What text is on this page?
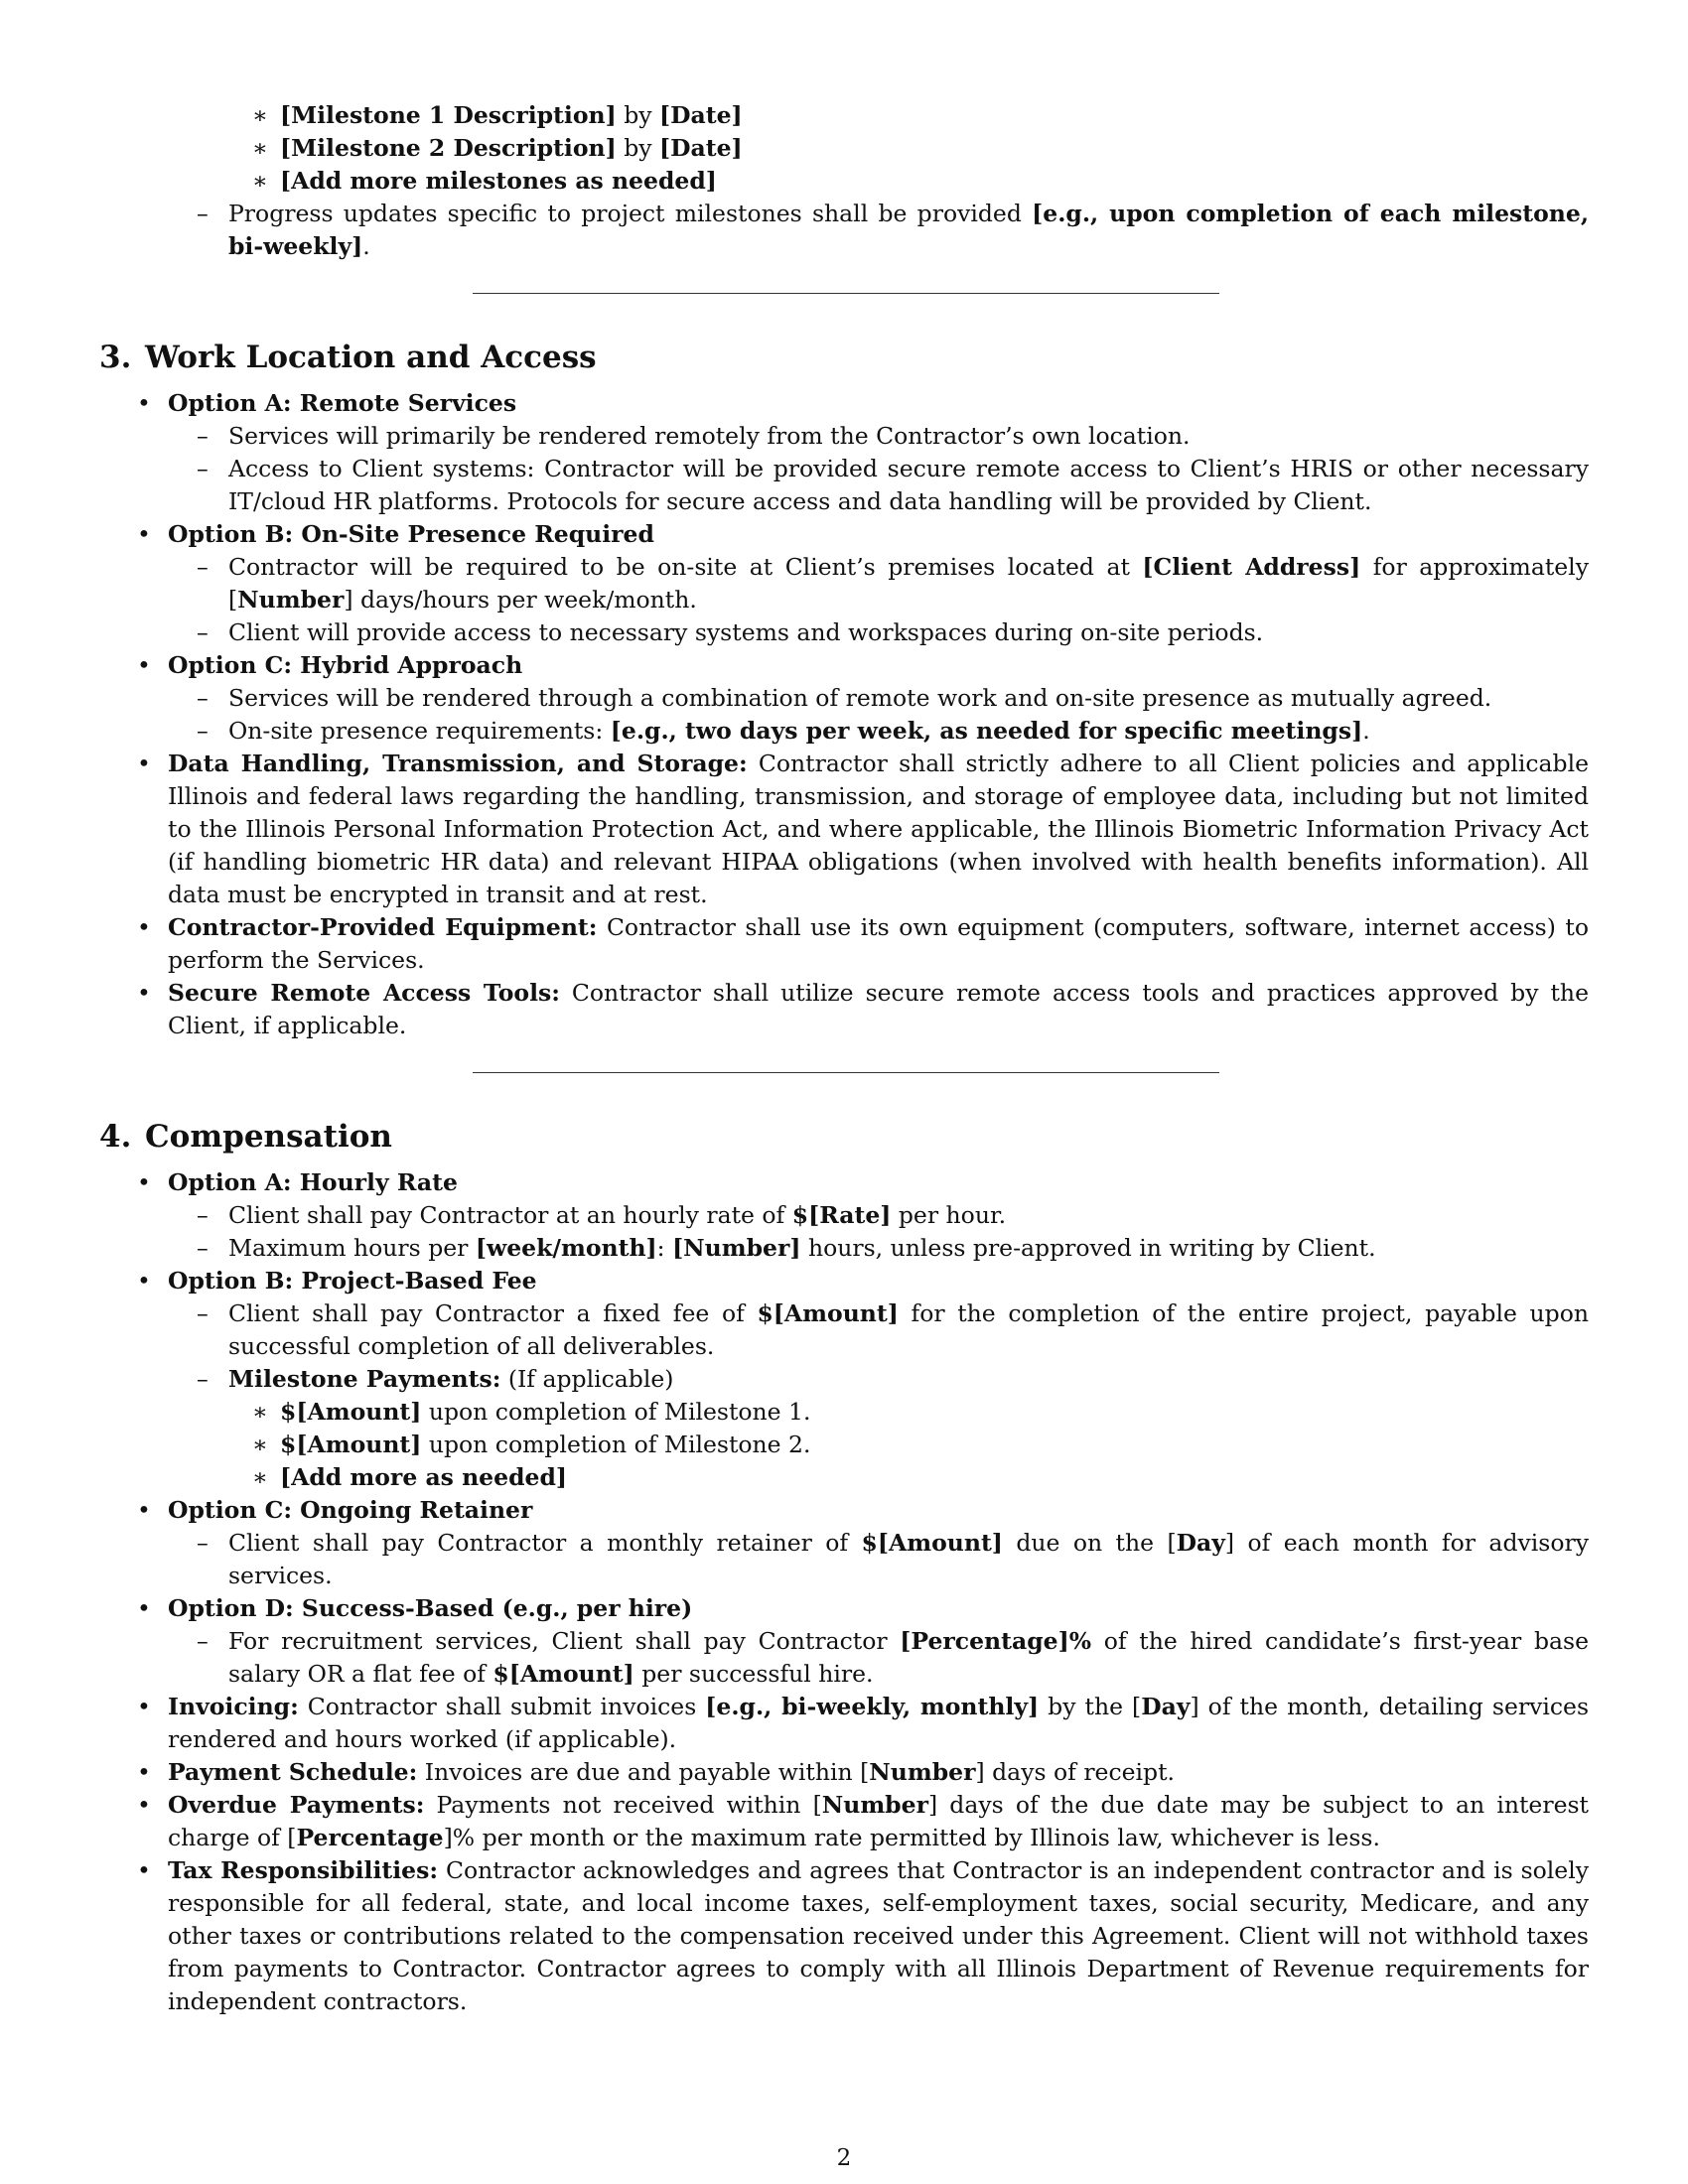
∗ [Milestone 1 Description] by [Date]
∗ [Milestone 2 Description] by [Date]
∗ [Add more milestones as needed]
– Progress updates specific to project milestones shall be provided [e.g., upon completion of each milestone, bi-weekly].
3. Work Location and Access
• Option A: Remote Services
– Services will primarily be rendered remotely from the Contractor’s own location.
– Access to Client systems: Contractor will be provided secure remote access to Client’s HRIS or other necessary IT/cloud HR platforms. Protocols for secure access and data handling will be provided by Client.
• Option B: On-Site Presence Required
– Contractor will be required to be on-site at Client’s premises located at [Client Address] for approximately [Number] days/hours per week/month.
– Client will provide access to necessary systems and workspaces during on-site periods.
• Option C: Hybrid Approach
– Services will be rendered through a combination of remote work and on-site presence as mutually agreed.
– On-site presence requirements: [e.g., two days per week, as needed for specific meetings].
• Data Handling, Transmission, and Storage: Contractor shall strictly adhere to all Client policies and applicable Illinois and federal laws regarding the handling, transmission, and storage of employee data, including but not limited to the Illinois Personal Information Protection Act, and where applicable, the Illinois Biometric Information Privacy Act (if handling biometric HR data) and relevant HIPAA obligations (when involved with health benefits information). All data must be encrypted in transit and at rest.
• Contractor-Provided Equipment: Contractor shall use its own equipment (computers, software, internet access) to perform the Services.
• Secure Remote Access Tools: Contractor shall utilize secure remote access tools and practices approved by the Client, if applicable.
4. Compensation
• Option A: Hourly Rate
– Client shall pay Contractor at an hourly rate of $[Rate] per hour.
– Maximum hours per [week/month]: [Number] hours, unless pre-approved in writing by Client.
• Option B: Project-Based Fee
– Client shall pay Contractor a fixed fee of $[Amount] for the completion of the entire project, payable upon successful completion of all deliverables.
– Milestone Payments: (If applicable)
∗ $[Amount] upon completion of Milestone 1.
∗ $[Amount] upon completion of Milestone 2.
∗ [Add more as needed]
• Option C: Ongoing Retainer
– Client shall pay Contractor a monthly retainer of $[Amount] due on the [Day] of each month for advisory services.
• Option D: Success-Based (e.g., per hire)
– For recruitment services, Client shall pay Contractor [Percentage]% of the hired candidate’s first-year base salary OR a flat fee of $[Amount] per successful hire.
• Invoicing: Contractor shall submit invoices [e.g., bi-weekly, monthly] by the [Day] of the month, detailing services rendered and hours worked (if applicable).
• Payment Schedule: Invoices are due and payable within [Number] days of receipt.
• Overdue Payments: Payments not received within [Number] days of the due date may be subject to an interest charge of [Percentage]% per month or the maximum rate permitted by Illinois law, whichever is less.
• Tax Responsibilities: Contractor acknowledges and agrees that Contractor is an independent contractor and is solely responsible for all federal, state, and local income taxes, self-employment taxes, social security, Medicare, and any other taxes or contributions related to the compensation received under this Agreement. Client will not withhold taxes from payments to Contractor. Contractor agrees to comply with all Illinois Department of Revenue requirements for independent contractors.
2
